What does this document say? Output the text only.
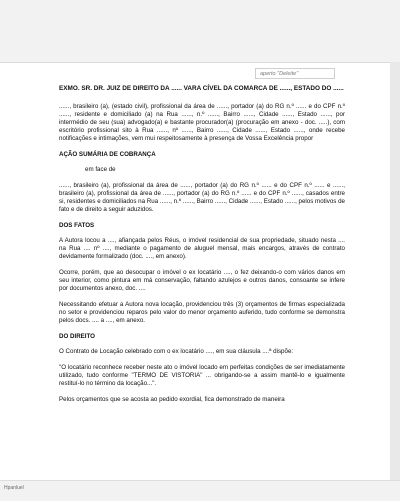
EXMO. SR. DR. JUIZ DE DIREITO DA ...... VARA CÍVEL DA COMARCA DE ......, ESTADO DO ......

......, brasileiro (a), (estado civil), profissional da área de ......, portador (a) do RG n.º ...... e do CPF n.º ......, residente e domiciliado (a) na Rua ......, n.º ......, Bairro ......, Cidade ......, Estado ......, por intermédio de seu (sua) advogado(a) e bastante procurador(a) (procuração em anexo - doc. .....), com escritório profissional sito à Rua ......, nº ......, Bairro ......, Cidade ......, Estado ......, onde recebe notificações e intimações, vem mui respeitosamente à presença de Vossa Excelência propor

AÇÃO SUMÁRIA DE COBRANÇA

em face de

......, brasileiro (a), profissional da área de ......, portador (a) do RG n.º ...... e do CPF n.º ...... e ......, brasileiro (a), profissional da área de ......, portador (a) do RG n.º ...... e do CPF n.º ......, casados entre si, residentes e domiciliados na Rua ......, n.º ......, Bairro ......, Cidade ......, Estado ......, pelos motivos de fato e de direito a seguir aduzidos.

DOS FATOS

A Autora locou a ...., afiançada pelos Réus, o imóvel residencial de sua propriedade, situado nesta .... na Rua .... nº ...., mediante o pagamento de aluguel mensal, mais encargos, através de contrato devidamente formalizado (doc. ...., em anexo).

Ocorre, porém, que ao desocupar o imóvel o ex locatário ...., o fez deixando-o com vários danos em seu interior, como pintura em má conservação, faltando azulejos e outros danos, consoante se infere por documentos anexo, doc. ....

Necessitando efetuar a Autora nova locação, providenciou três (3) orçamentos de firmas especializada no setor e providenciou reparos pelo valor do menor orçamento auferido, tudo conforme se demonstra pelos docs. .... a ...., em anexo.

DO DIREITO

O Contrato de Locação celebrado com o ex locatário ...., em sua cláusula ....ª dispõe:

"O locatário reconhece receber neste ato o imóvel locado em perfeitas condições de ser imediatamente utilizado, tudo conforme "TERMO DE VISTORIA" ... obrigando-se a assim mantê-lo e igualmente restituí-lo no término da locação...".

Pelos orçamentos que se acosta ao pedido exordial, fica demonstrado de maneira

aperto "Deleite"
Hpanluel
